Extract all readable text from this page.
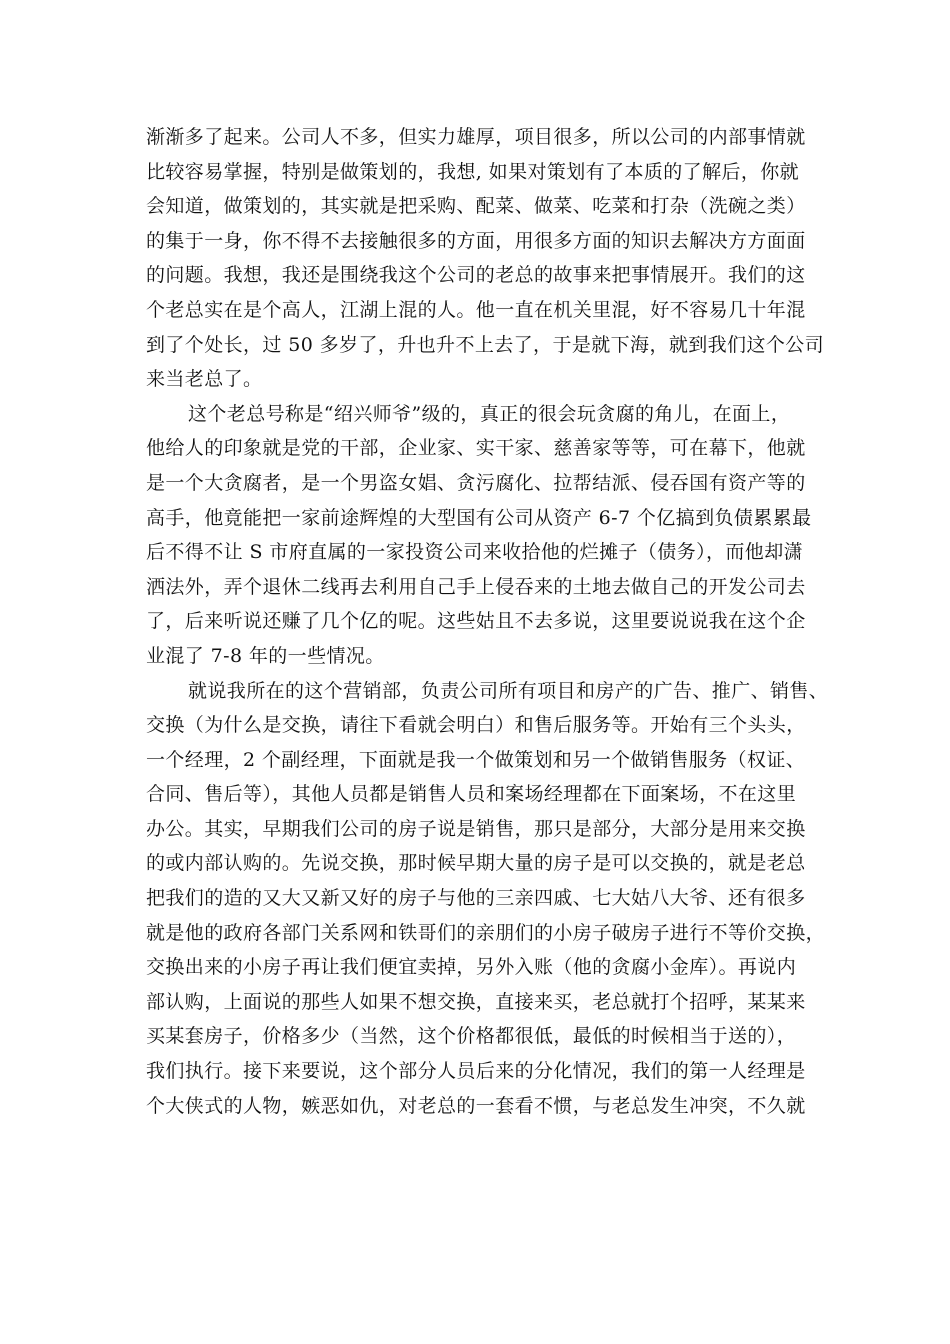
渐渐多了起来。公司人不多，但实力雄厚，项目很多，所以公司的内部事情就
比较容易掌握，特别是做策划的，我想, 如果对策划有了本质的了解后，你就
会知道，做策划的，其实就是把采购、配菜、做菜、吃菜和打杂（洗碗之类）
的集于一身，你不得不去接触很多的方面，用很多方面的知识去解决方方面面
的问题。我想，我还是围绕我这个公司的老总的故事来把事情展开。我们的这
个老总实在是个高人，江湖上混的人。他一直在机关里混，好不容易几十年混
到了个处长，过 50 多岁了，升也升不上去了，于是就下海，就到我们这个公司
来当老总了。
这个老总号称是“绍兴师爷”级的，真正的很会玩贪腐的角儿，在面上，
他给人的印象就是党的干部，企业家、实干家、慈善家等等，可在幕下，他就
是一个大贪腐者，是一个男盗女娼、贪污腐化、拉帮结派、侵吞国有资产等的
高手，他竟能把一家前途辉煌的大型国有公司从资产 6-7 个亿搞到负债累累最
后不得不让 S 市府直属的一家投资公司来收拾他的烂摊子（债务），而他却潇
洒法外，弄个退休二线再去利用自己手上侵吞来的土地去做自己的开发公司去
了，后来听说还赚了几个亿的呢。这些姑且不去多说，这里要说说我在这个企
业混了 7-8 年的一些情况。
就说我所在的这个营销部，负责公司所有项目和房产的广告、推广、销售、
交换（为什么是交换，请往下看就会明白）和售后服务等。开始有三个头头，
一个经理，2 个副经理，下面就是我一个做策划和另一个做销售服务（权证、
合同、售后等），其他人员都是销售人员和案场经理都在下面案场，不在这里
办公。其实，早期我们公司的房子说是销售，那只是部分，大部分是用来交换
的或内部认购的。先说交换，那时候早期大量的房子是可以交换的，就是老总
把我们的造的又大又新又好的房子与他的三亲四戚、七大姑八大爷、还有很多
就是他的政府各部门关系网和铁哥们的亲朋们的小房子破房子进行不等价交换，
交换出来的小房子再让我们便宜卖掉，另外入账（他的贪腐小金库）。再说内
部认购，上面说的那些人如果不想交换，直接来买，老总就打个招呼，某某来
买某套房子，价格多少（当然，这个价格都很低，最低的时候相当于送的），
我们执行。接下来要说，这个部分人员后来的分化情况，我们的第一人经理是
个大侠式的人物，嫉恶如仇，对老总的一套看不惯，与老总发生冲突，不久就
